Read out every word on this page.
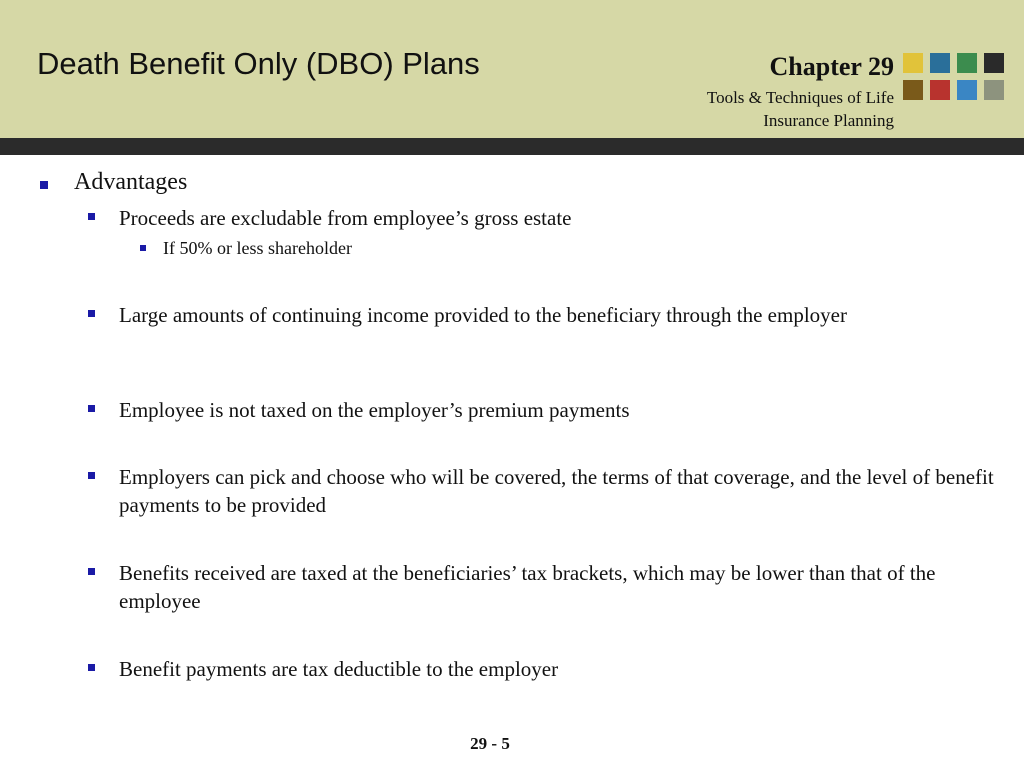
Death Benefit Only (DBO) Plans	Chapter 29
Tools & Techniques of Life
Insurance Planning
Advantages
Proceeds are excludable from employee’s gross estate
If 50% or less shareholder
Large amounts of continuing income provided to the beneficiary through the employer
Employee is not taxed on the employer’s premium payments
Employers can pick and choose who will be covered, the terms of that coverage, and the level of benefit payments to be provided
Benefits received are taxed at the beneficiaries’ tax brackets, which may be lower than that of the employee
Benefit payments are tax deductible to the employer
29 - 5
